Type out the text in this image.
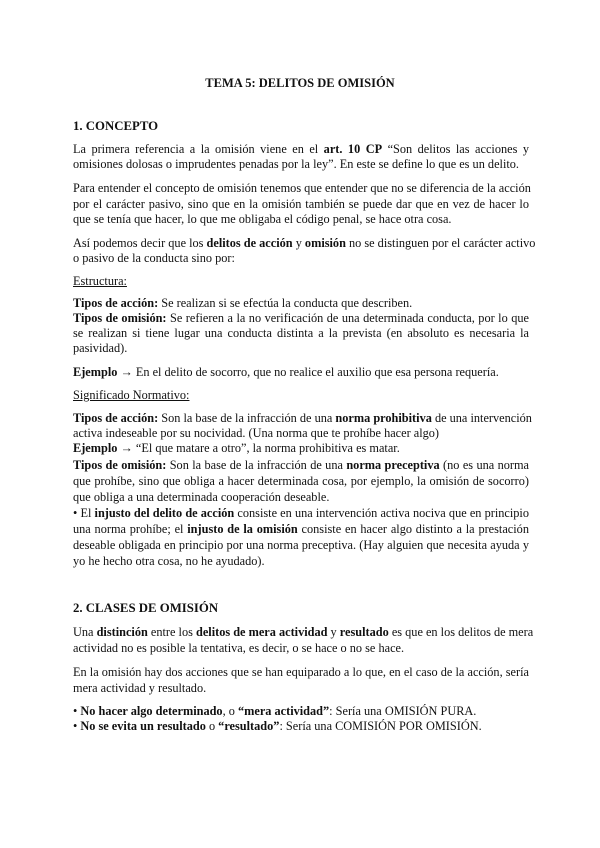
TEMA 5: DELITOS DE OMISIÓN
1. CONCEPTO
La primera referencia a la omisión viene en el art. 10 CP “Son delitos las acciones y
omisiones dolosas o imprudentes penadas por la ley”. En este se define lo que es un delito.
Para entender el concepto de omisión tenemos que entender que no se diferencia de la acción
por el carácter pasivo, sino que en la omisión también se puede dar que en vez de hacer lo
que se tenía que hacer, lo que me obligaba el código penal, se hace otra cosa.
Así podemos decir que los delitos de acción y omisión no se distinguen por el carácter activo
o pasivo de la conducta sino por:
Estructura:
Tipos de acción: Se realizan si se efectúa la conducta que describen.
Tipos de omisión: Se refieren a la no verificación de una determinada conducta, por lo que
se realizan si tiene lugar una conducta distinta a la prevista (en absoluto es necesaria la
pasividad).
Ejemplo → En el delito de socorro, que no realice el auxilio que esa persona requería.
Significado Normativo:
Tipos de acción: Son la base de la infracción de una norma prohibitiva de una intervención
activa indeseable por su nocividad. (Una norma que te prohíbe hacer algo)
Ejemplo → “El que matare a otro”, la norma prohibitiva es matar.
Tipos de omisión: Son la base de la infracción de una norma preceptiva (no es una norma
que prohíbe, sino que obliga a hacer determinada cosa, por ejemplo, la omisión de socorro)
que obliga a una determinada cooperación deseable.
• El injusto del delito de acción consiste en una intervención activa nociva que en principio
una norma prohíbe; el injusto de la omisión consiste en hacer algo distinto a la prestación
deseable obligada en principio por una norma preceptiva. (Hay alguien que necesita ayuda y
yo he hecho otra cosa, no he ayudado).
2. CLASES DE OMISIÓN
Una distinción entre los delitos de mera actividad y resultado es que en los delitos de mera
actividad no es posible la tentativa, es decir, o se hace o no se hace.
En la omisión hay dos acciones que se han equiparado a lo que, en el caso de la acción, sería
mera actividad y resultado.
• No hacer algo determinado, o “mera actividad”: Sería una OMISIÓN PURA.
• No se evita un resultado o “resultado”: Sería una COMISIÓN POR OMISIÓN.
